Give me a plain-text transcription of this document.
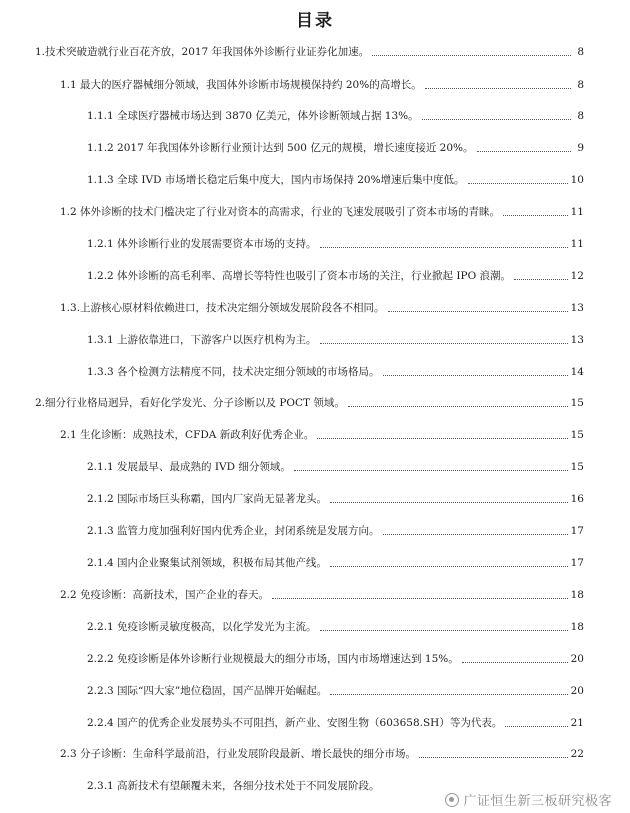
目录
1.技术突破造就行业百花齐放，2017 年我国体外诊断行业证券化加速。	8
1.1 最大的医疗器械细分领域，我国体外诊断市场规模保持约 20%的高增长。	8
1.1.1 全球医疗器械市场达到 3870 亿美元，体外诊断领域占据 13%。	8
1.1.2 2017 年我国体外诊断行业预计达到 500 亿元的规模，增长速度接近 20%。	9
1.1.3 全球 IVD 市场增长稳定后集中度大，国内市场保持 20%增速后集中度低。	10
1.2 体外诊断的技术门槛决定了行业对资本的高需求，行业的飞速发展吸引了资本市场的青睐。	11
1.2.1 体外诊断行业的发展需要资本市场的支持。	11
1.2.2 体外诊断的高毛利率、高增长等特性也吸引了资本市场的关注，行业掀起 IPO 浪潮。	12
1.3.上游核心原材料依赖进口，技术决定细分领域发展阶段各不相同。	13
1.3.1 上游依靠进口，下游客户以医疗机构为主。	13
1.3.3 各个检测方法精度不同，技术决定细分领域的市场格局。	14
2.细分行业格局迥异，看好化学发光、分子诊断以及 POCT 领域。	15
2.1 生化诊断：成熟技术，CFDA 新政利好优秀企业。	15
2.1.1 发展最早、最成熟的 IVD 细分领域。	15
2.1.2 国际市场巨头称霸，国内厂家尚无显著龙头。	16
2.1.3 监管力度加强利好国内优秀企业，封闭系统是发展方向。	17
2.1.4 国内企业聚集试剂领域，积极布局其他产线。	17
2.2 免疫诊断：高新技术，国产企业的春天。	18
2.2.1 免疫诊断灵敏度极高，以化学发光为主流。	18
2.2.2 免疫诊断是体外诊断行业规模最大的细分市场，国内市场增速达到 15%。	20
2.2.3 国际“四大家”地位稳固，国产品牌开始崛起。	20
2.2.4 国产的优秀企业发展势头不可阻挡，新产业、安图生物（603658.SH）等为代表。	21
2.3 分子诊断：生命科学最前沿，行业发展阶段最新、增长最快的细分市场。	22
2.3.1 高新技术有望颠覆未来，各细分技术处于不同发展阶段。
广证恒生新三板研究极客
